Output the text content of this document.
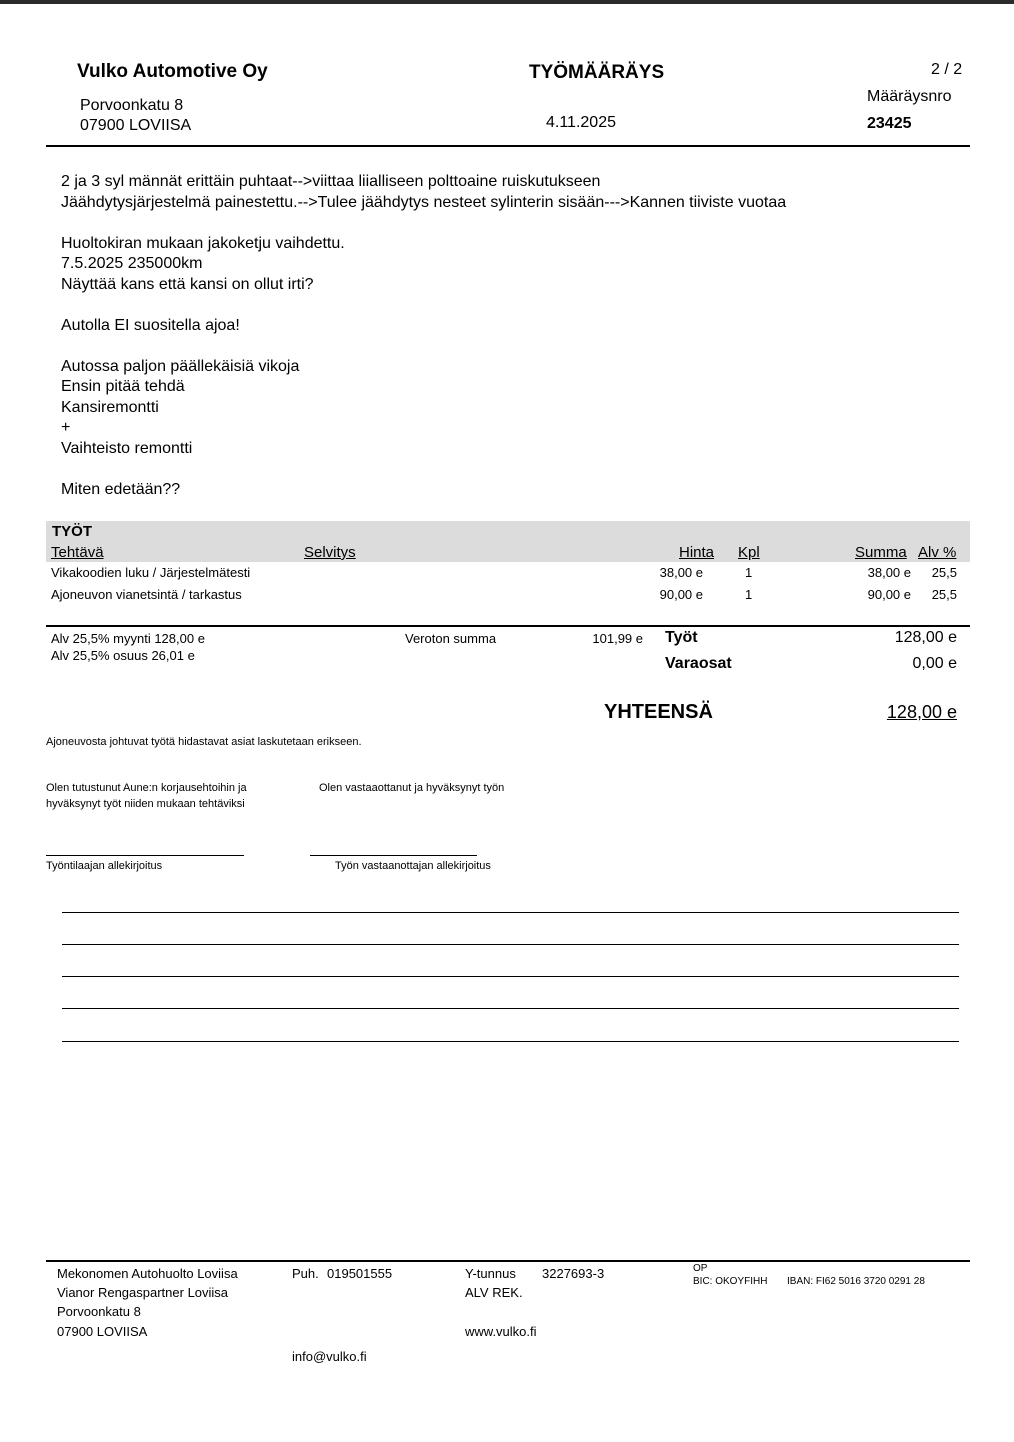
Vulko Automotive Oy
Porvoonkatu 8
07900 LOVIISA
TYÖMÄÄRÄYS
4.11.2025
2 / 2
Määräysnro
23425
2 ja 3 syl männät erittäin puhtaat-->viittaa liialliseen polttoaine ruiskutukseen
Jäähdytysjärjestelmä painestettu.-->Tulee jäähdytys nesteet sylinterin sisään--->Kannen tiiviste vuotaa

Huoltokiran mukaan jakoketju vaihdettu.
7.5.2025 235000km
Näyttää kans että kansi on ollut irti?

Autolla EI suositella ajoa!

Autossa paljon päällekäisiä vikoja
Ensin pitää tehdä
Kansiremontti
+
Vaihteisto remontti

Miten edetään??
TYÖT
Tehtävä	Selvitys	Hinta Kpl	Summa Alv %
Vikakoodien luku / Järjestelmätesti	38,00 e	1	38,00 e 25,5
Ajoneuvon vianetsintä / tarkastus	90,00 e	1	90,00 e 25,5
Alv 25,5% myynti 128,00 e
Alv 25,5% osuus 26,01 e
Veroton summa	101,99 e Työt	128,00 e
Varaosat	0,00 e
YHTEENSÄ	128,00 e
Ajoneuvosta johtuvat työtä hidastavat asiat laskutetaan erikseen.
Olen tutustunut Aune:n korjausehtoihin ja
hyväksynyt työt niiden mukaan tehtäviksi
Olen vastaaottanut ja hyväksynyt työn
Työntilaajan allekirjoitus	Työn vastaanottajan allekirjoitus
Mekonomen Autohuolto Loviisa
Vianor Rengaspartner Loviisa
Porvoonkatu 8
07900 LOVIISA
Puh. 019501555
info@vulko.fi
Y-tunnus 3227693-3
ALV REK.
www.vulko.fi
OP
BIC: OKOYFIHH IBAN: FI62 5016 3720 0291 28
